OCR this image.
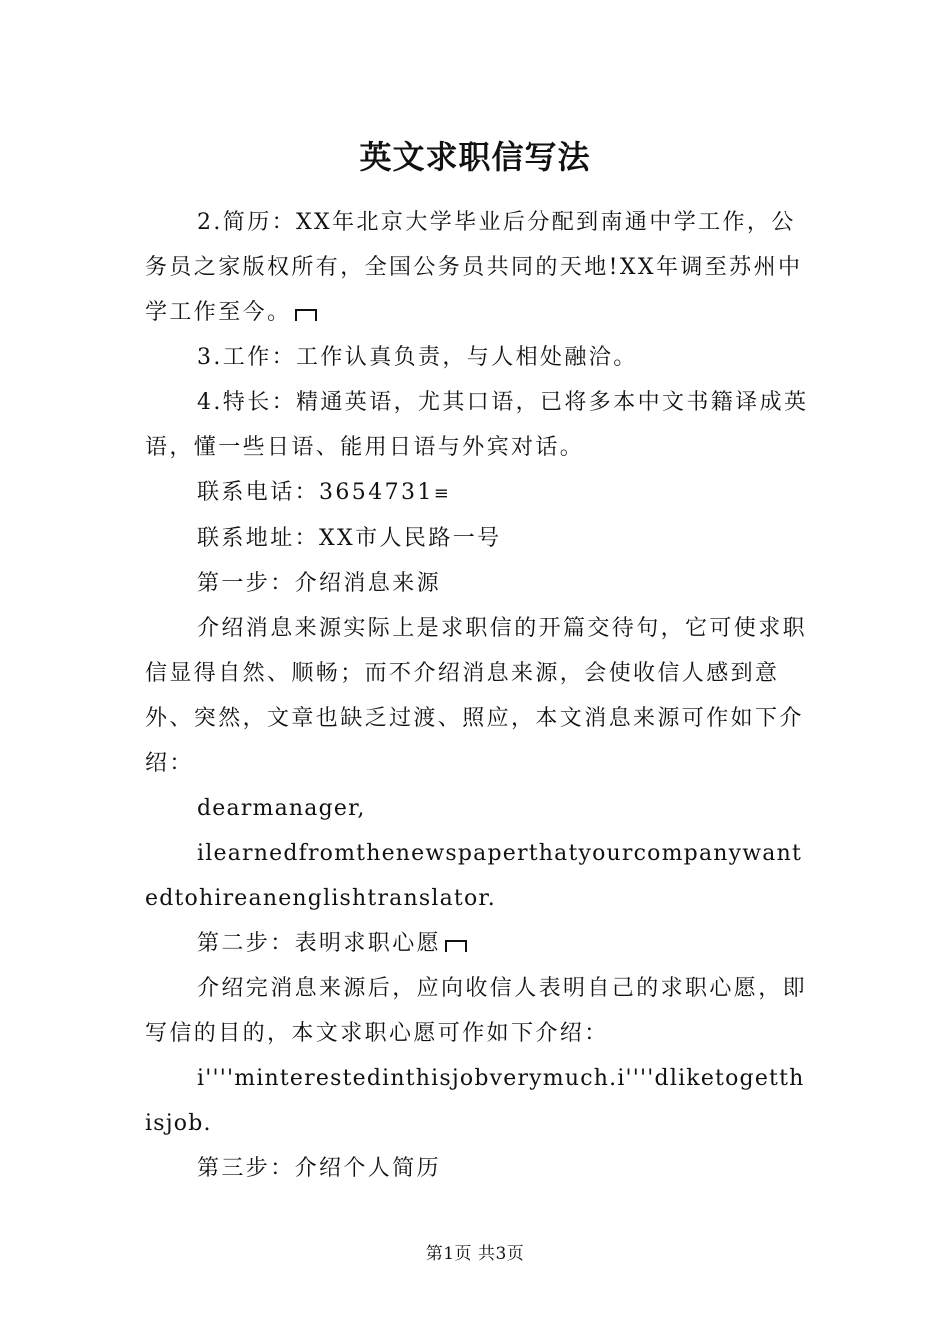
英文求职信写法

2.简历：XX年北京大学毕业后分配到南通中学工作，公务员之家版权所有，全国公务员共同的天地!XX年调至苏州中学工作至今。

3.工作：工作认真负责，与人相处融洽。

4.特长：精通英语，尤其口语，已将多本中文书籍译成英语，懂一些日语、能用日语与外宾对话。

联系电话：3654731≡

联系地址：XX市人民路一号

第一步：介绍消息来源

介绍消息来源实际上是求职信的开篇交待句，它可使求职信显得自然、顺畅；而不介绍消息来源，会使收信人感到意外、突然，文章也缺乏过渡、照应，本文消息来源可作如下介绍：

dearmanager,

ilearnedfromthenewspaperthatyourcompanywantedtohireanenglishtranslator.

第二步：表明求职心愿

介绍完消息来源后，应向收信人表明自己的求职心愿，即写信的目的，本文求职心愿可作如下介绍：

i''''minterestedinthisjobverymuch.i''''dliketogetthisjob.

第三步：介绍个人简历

第1页 共3页
